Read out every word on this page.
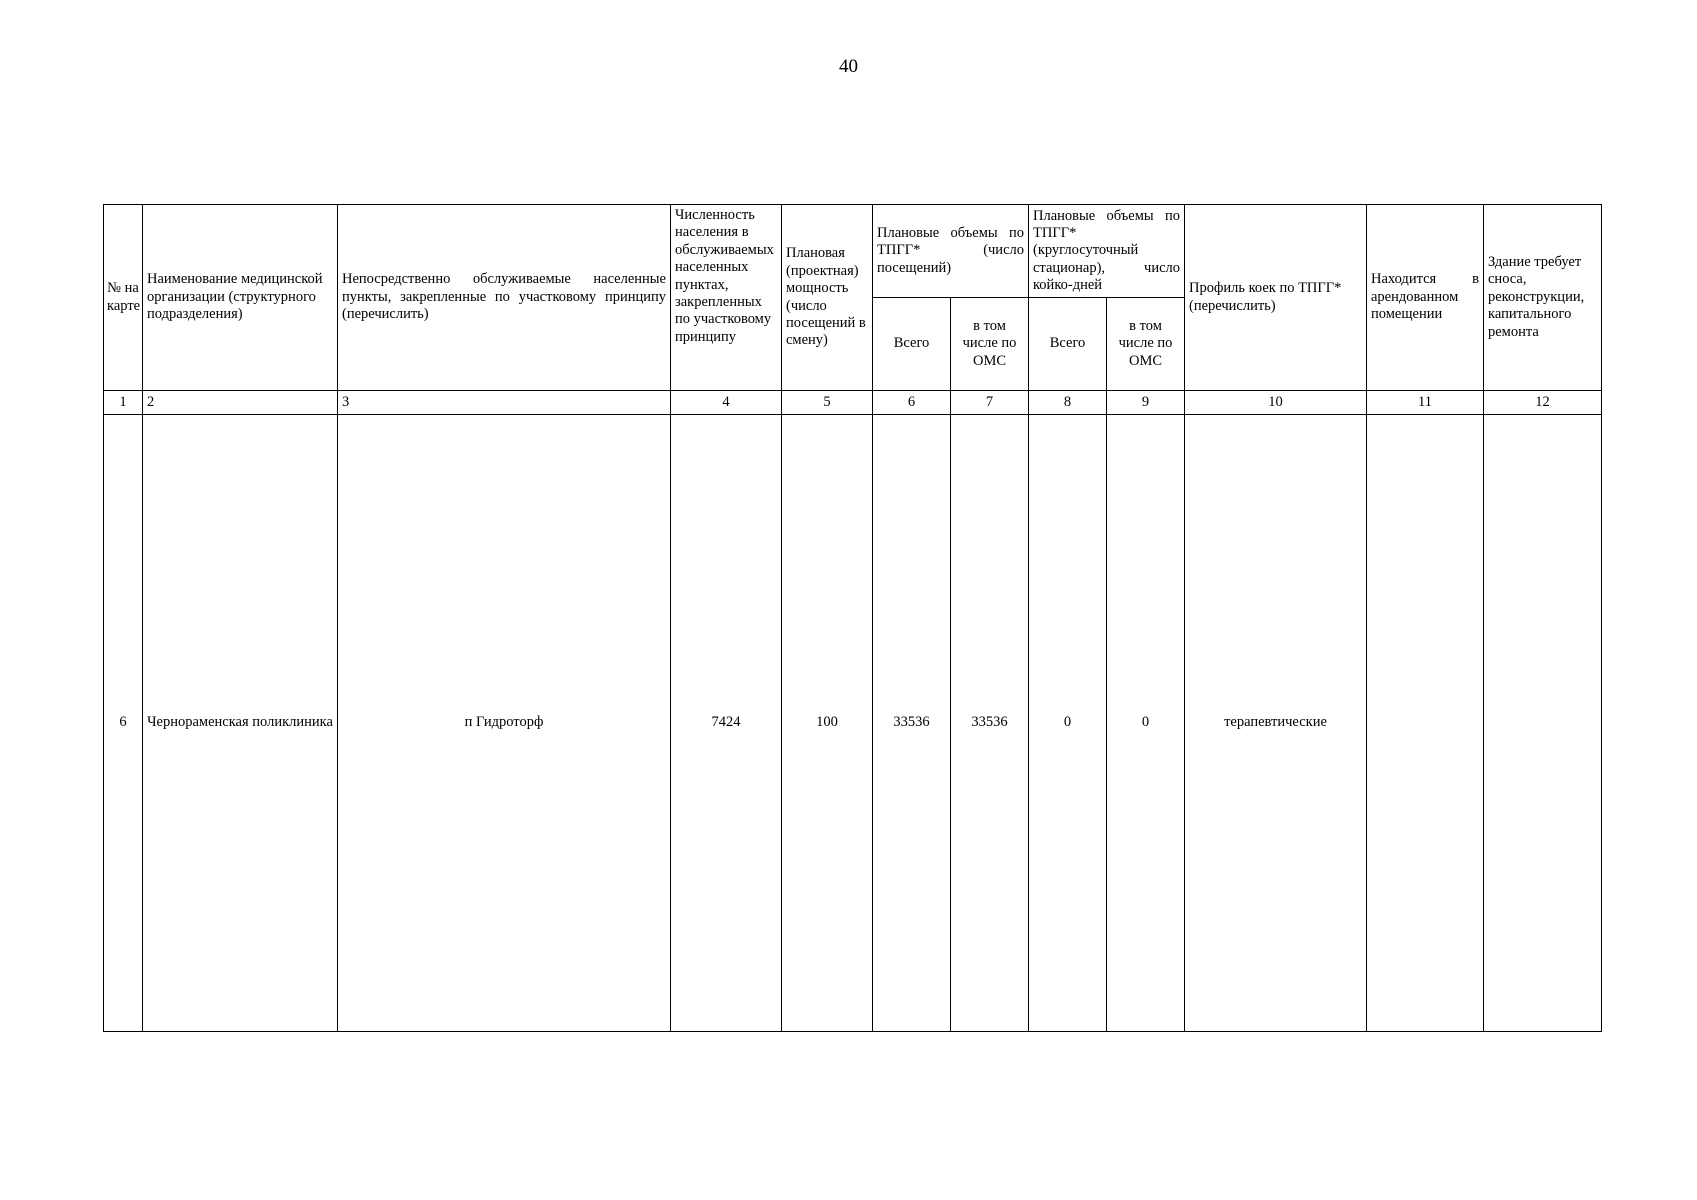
40
№ на карте	Наименование медицинской организации (структурного подразделения)	Непосредственно обслуживаемые населенные пункты, закрепленные по участковому принципу (перечислить)	Численность населения в обслуживаемых населенных пунктах, закрепленных по участковому принципу	Плановая (проектная) мощность (число посещений в смену)	Плановые объемы по ТПГГ* (число посещений)		Плановые объемы по ТПГГ* (круглосуточный стационар), число койко-дней		Профиль коек по ТПГГ* (перечислить)	Находится в арендованном помещении	Здание требует сноса, реконструкции, капитального ремонта
					Всего	в том числе по ОМС	Всего	в том числе по ОМС			
1	2	3	4	5	6	7	8	9	10	11	12
6	Чернораменская поликлиника	п Гидроторф	7424	100	33536	33536	0	0	терапевтические		
